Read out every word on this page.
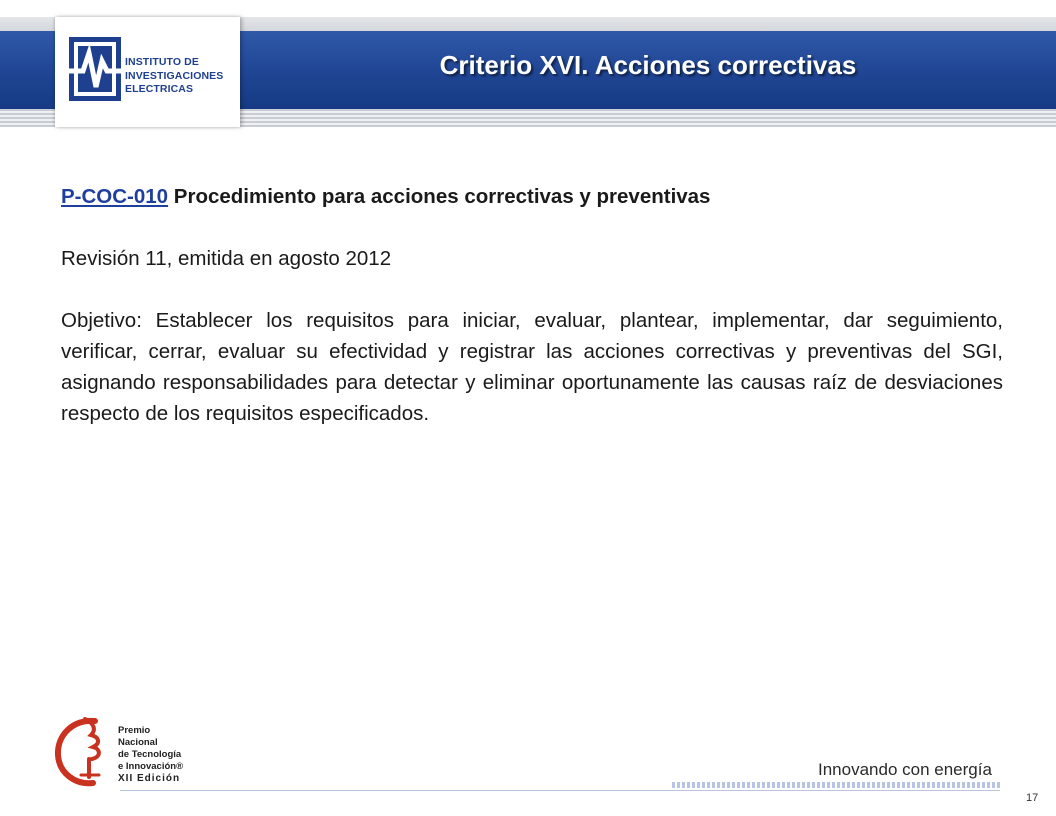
INSTITUTO DE
INVESTIGACIONES
ELECTRICAS
Criterio XVI. Acciones correctivas
P-COC-010 Procedimiento para acciones correctivas y preventivas
Revisión 11, emitida en agosto 2012
Objetivo: Establecer los requisitos para iniciar, evaluar, plantear, implementar, dar seguimiento, verificar, cerrar, evaluar su efectividad y registrar las acciones correctivas y preventivas del SGI, asignando responsabilidades para detectar y eliminar oportunamente las causas raíz de desviaciones respecto de los requisitos especificados.
Premio
Nacional
de Tecnología
e Innovación®
XII Edición	Innovando con energía
17
